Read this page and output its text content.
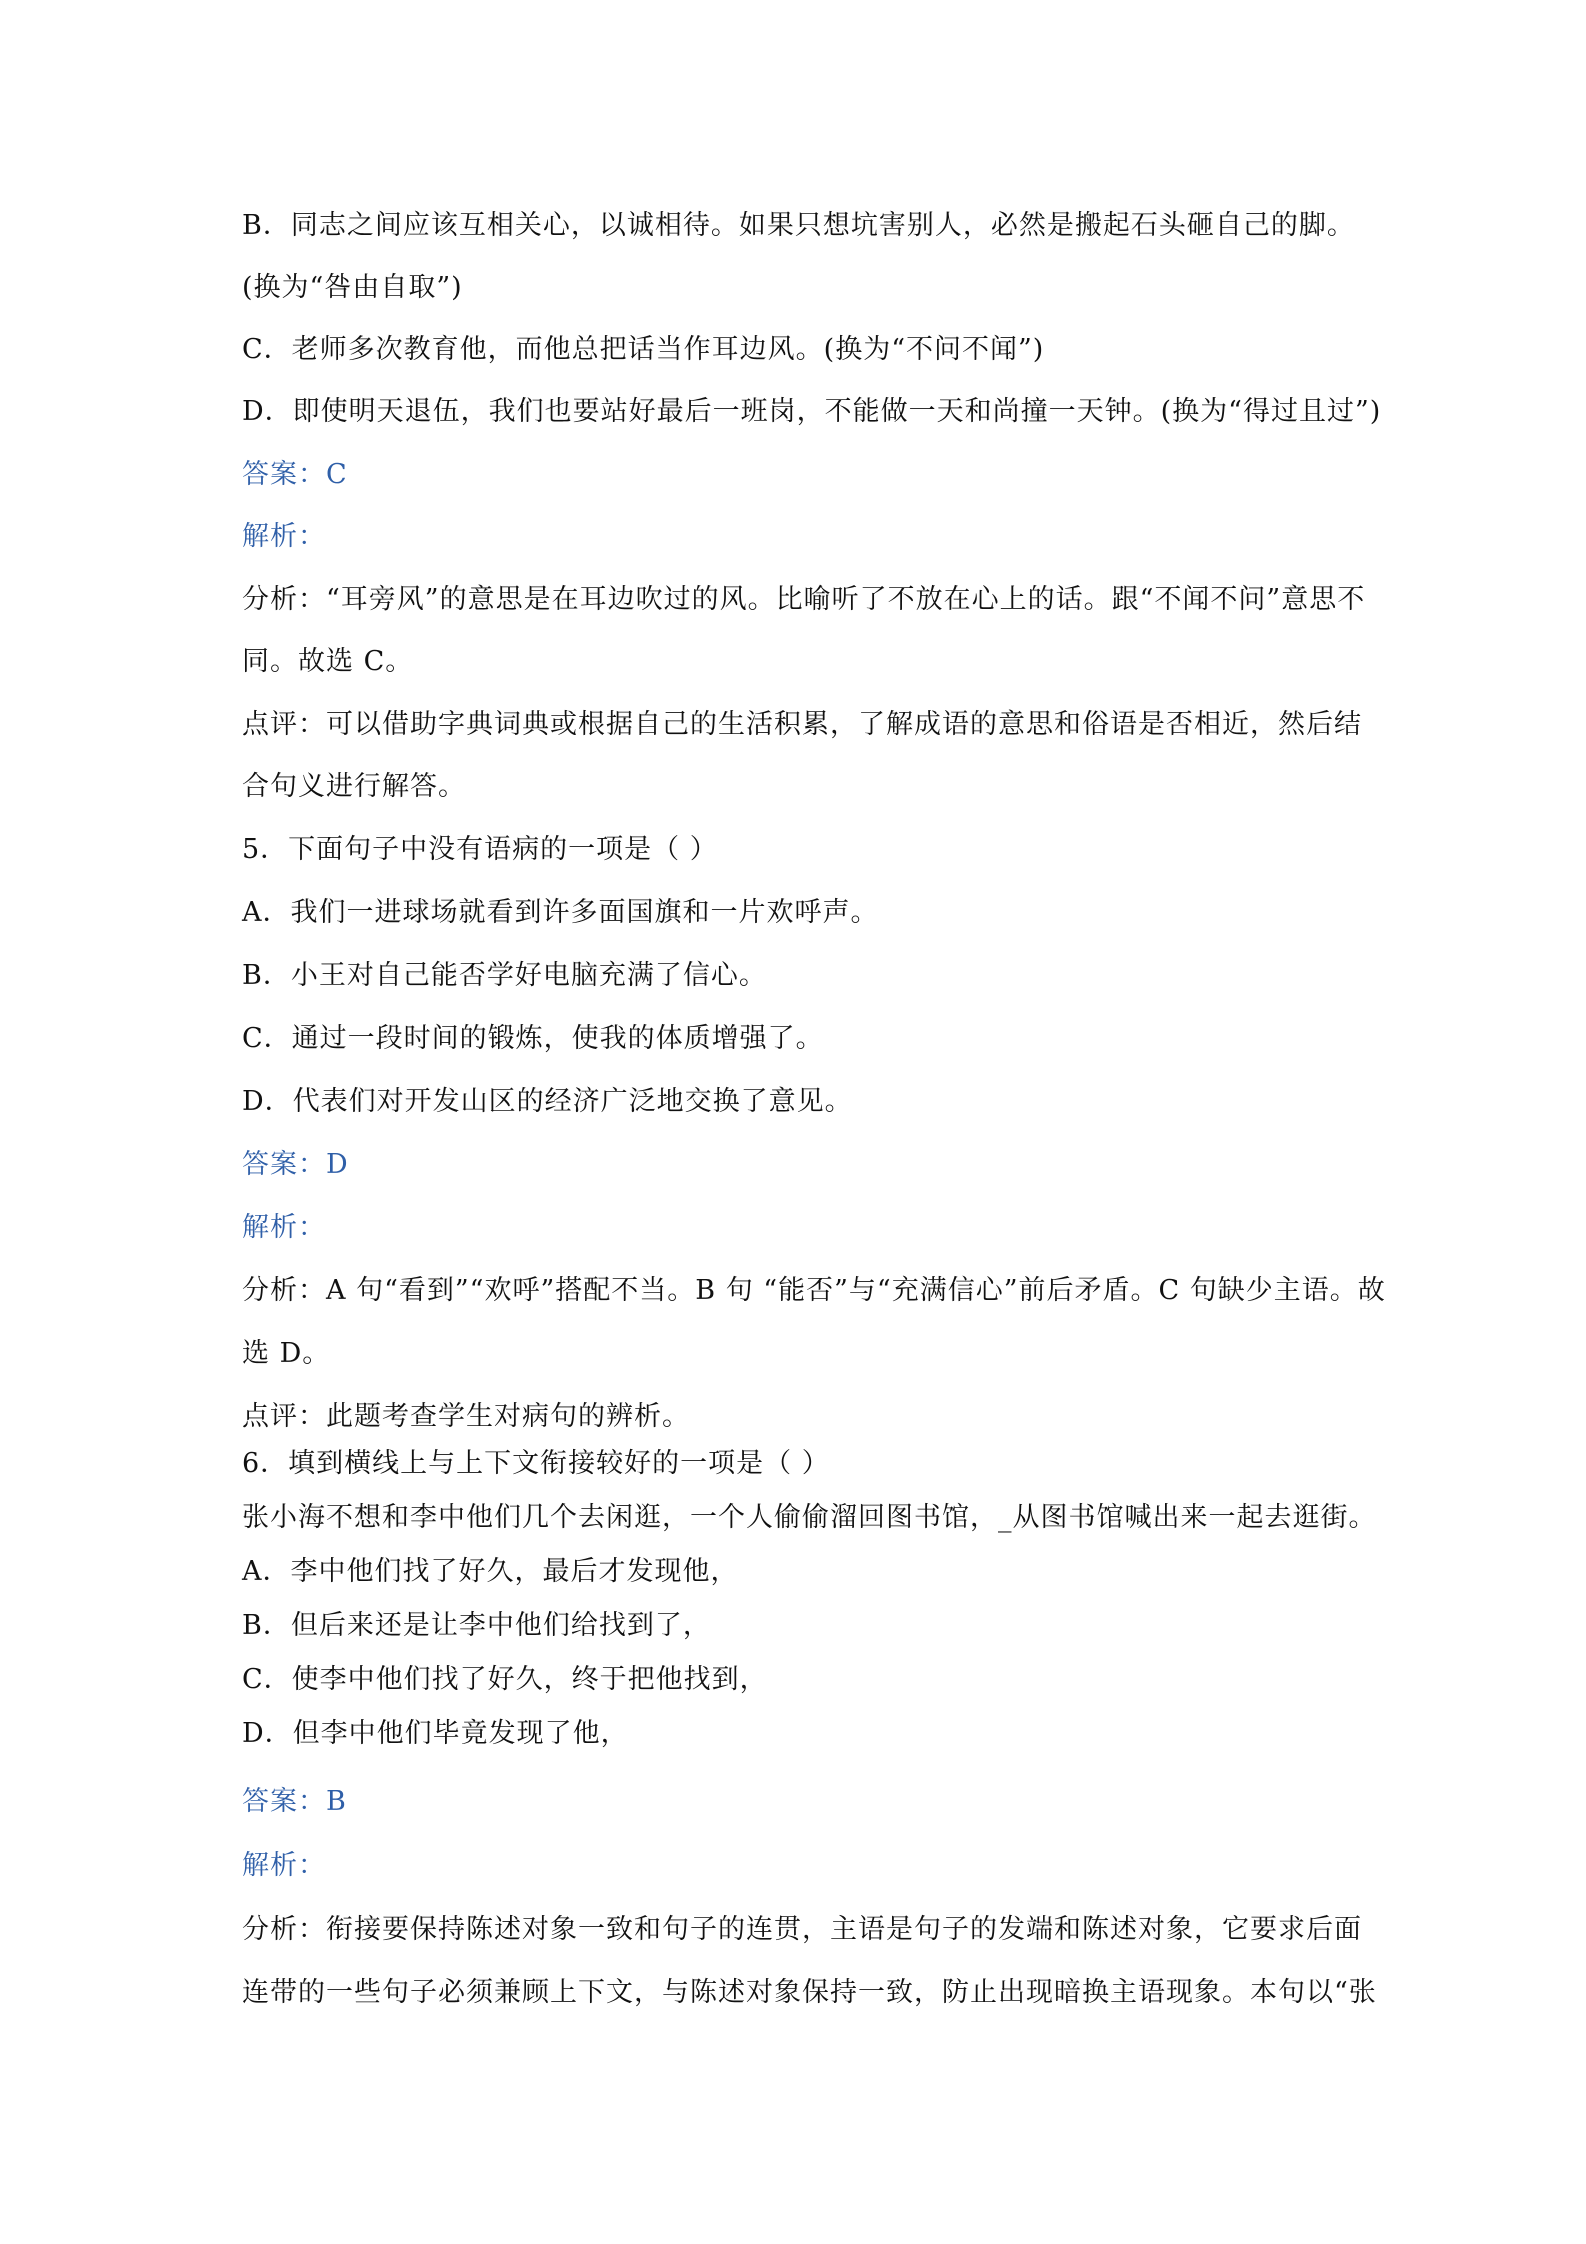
B．同志之间应该互相关心，以诚相待。如果只想坑害别人，必然是搬起石头砸自己的脚。
(换为“咎由自取”)
C．老师多次教育他，而他总把话当作耳边风。(换为“不问不闻”)
D．即使明天退伍，我们也要站好最后一班岗，不能做一天和尚撞一天钟。(换为“得过且过”)
答案：C
解析：
分析：“耳旁风”的意思是在耳边吹过的风。比喻听了不放在心上的话。跟“不闻不问”意思不
同。故选 C。
点评：可以借助字典词典或根据自己的生活积累，了解成语的意思和俗语是否相近，然后结
合句义进行解答。
5．下面句子中没有语病的一项是（ ）
A．我们一进球场就看到许多面国旗和一片欢呼声。
B．小王对自己能否学好电脑充满了信心。
C．通过一段时间的锻炼，使我的体质增强了。
D．代表们对开发山区的经济广泛地交换了意见。
答案：D
解析：
分析：A 句“看到”“欢呼”搭配不当。B 句 “能否”与“充满信心”前后矛盾。C 句缺少主语。故
选 D。
点评：此题考查学生对病句的辨析。
6．填到横线上与上下文衔接较好的一项是（ ）
张小海不想和李中他们几个去闲逛，一个人偷偷溜回图书馆，_从图书馆喊出来一起去逛街。
A．李中他们找了好久，最后才发现他，
B．但后来还是让李中他们给找到了，
C．使李中他们找了好久，终于把他找到，
D．但李中他们毕竟发现了他，
答案：B
解析：
分析：衔接要保持陈述对象一致和句子的连贯，主语是句子的发端和陈述对象，它要求后面
连带的一些句子必须兼顾上下文，与陈述对象保持一致，防止出现暗换主语现象。本句以“张
